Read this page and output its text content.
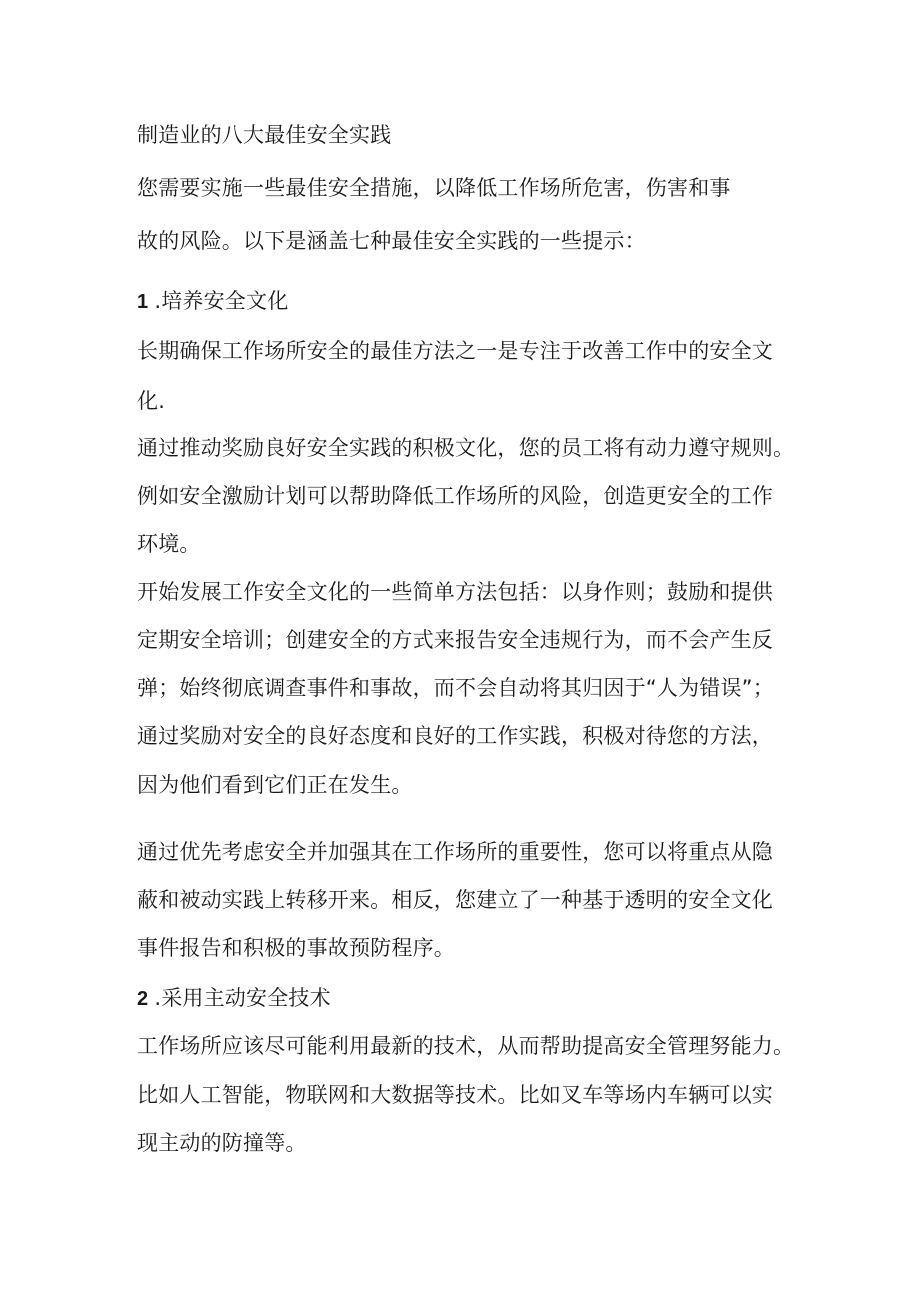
制造业的八大最佳安全实践
您需要实施一些最佳安全措施，以降低工作场所危害，伤害和事
故的风险。以下是涵盖七种最佳安全实践的一些提示：
1 .培养安全文化
长期确保工作场所安全的最佳方法之一是专注于改善工作中的安全文
化.
通过推动奖励良好安全实践的积极文化，您的员工将有动力遵守规则。
例如安全激励计划可以帮助降低工作场所的风险，创造更安全的工作
环境。
开始发展工作安全文化的一些简单方法包括：以身作则；鼓励和提供
定期安全培训；创建安全的方式来报告安全违规行为，而不会产生反
弹；始终彻底调查事件和事故，而不会自动将其归因于“人为错误”；
通过奖励对安全的良好态度和良好的工作实践，积极对待您的方法，
因为他们看到它们正在发生。
通过优先考虑安全并加强其在工作场所的重要性，您可以将重点从隐
蔽和被动实践上转移开来。相反，您建立了一种基于透明的安全文化
事件报告和积极的事故预防程序。
2 .采用主动安全技术
工作场所应该尽可能利用最新的技术，从而帮助提高安全管理努能力。
比如人工智能，物联网和大数据等技术。比如叉车等场内车辆可以实
现主动的防撞等。
